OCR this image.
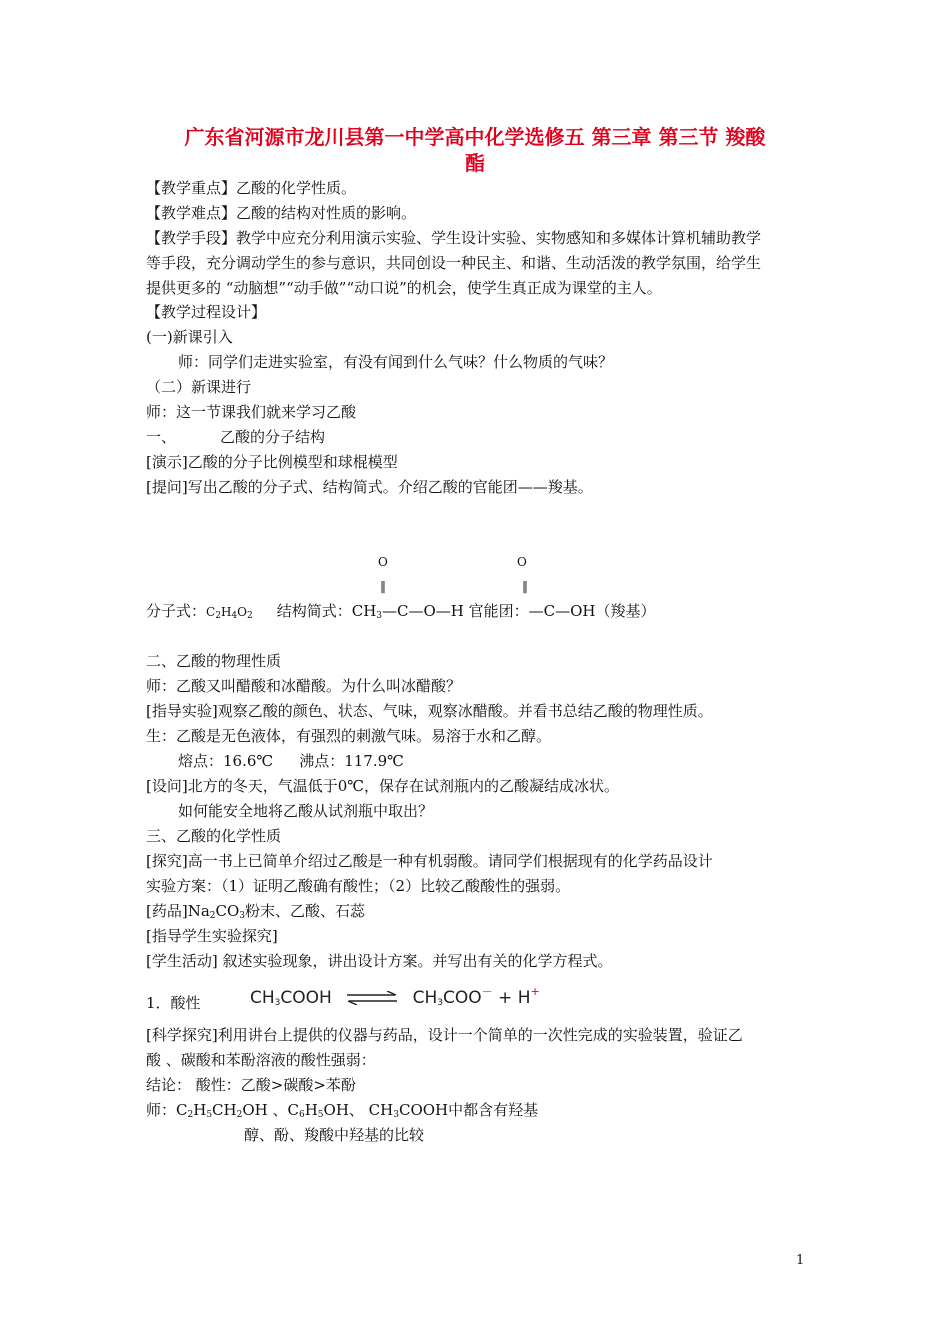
广东省河源市龙川县第一中学高中化学选修五 第三章 第三节 羧酸
酯
【教学重点】乙酸的化学性质。
【教学难点】乙酸的结构对性质的影响。
【教学手段】教学中应充分利用演示实验、学生设计实验、实物感知和多媒体计算机辅助教学
等手段，充分调动学生的参与意识，共同创设一种民主、和谐、生动活泼的教学氛围，给学生
提供更多的 “动脑想”“动手做”“动口说”的机会，使学生真正成为课堂的主人。
【教学过程设计】
(一)新课引入
师：同学们走进实验室，有没有闻到什么气味？什么物质的气味？
（二）新课进行
师：这一节课我们就来学习乙酸
一、	乙酸的分子结构
[演示]乙酸的分子比例模型和球棍模型
[提问]写出乙酸的分子式、结构简式。介绍乙酸的官能团——羧基。
O	O
‖	‖
分子式：$C_2H_4O_2$ 结构简式：$CH_3—C—O—H$ 官能团：—C—OH（羧基）
二、乙酸的物理性质
师：乙酸又叫醋酸和冰醋酸。为什么叫冰醋酸？
[指导实验]观察乙酸的颜色、状态、气味，观察冰醋酸。并看书总结乙酸的物理性质。
生：乙酸是无色液体，有强烈的刺激气味。易溶于水和乙醇。
熔点：16.6℃ 沸点：117.9℃
[设问]北方的冬天，气温低于0℃，保存在试剂瓶内的乙酸凝结成冰状。
如何能安全地将乙酸从试剂瓶中取出？
三、乙酸的化学性质
[探究]高一书上已简单介绍过乙酸是一种有机弱酸。请同学们根据现有的化学药品设计
实验方案：（1）证明乙酸确有酸性；（2）比较乙酸酸性的强弱。
[药品]$Na_2CO_3$粉末、乙酸、石蕊
[指导学生实验探究]
[学生活动] 叙述实验现象，讲出设计方案。并写出有关的化学方程式。
1．酸性	$CH_3COOH$ ⇌ $CH_3COO^- + H^+$
[科学探究]利用讲台上提供的仪器与药品，设计一个简单的一次性完成的实验装置，验证乙
酸 、碳酸和苯酚溶液的酸性强弱：
结论： 酸性：乙酸>碳酸>苯酚
师：$C_2H_5CH_2OH$ 、$C_6H_5OH$、 $CH_3COOH$中都含有羟基
醇、酚、羧酸中羟基的比较
1
